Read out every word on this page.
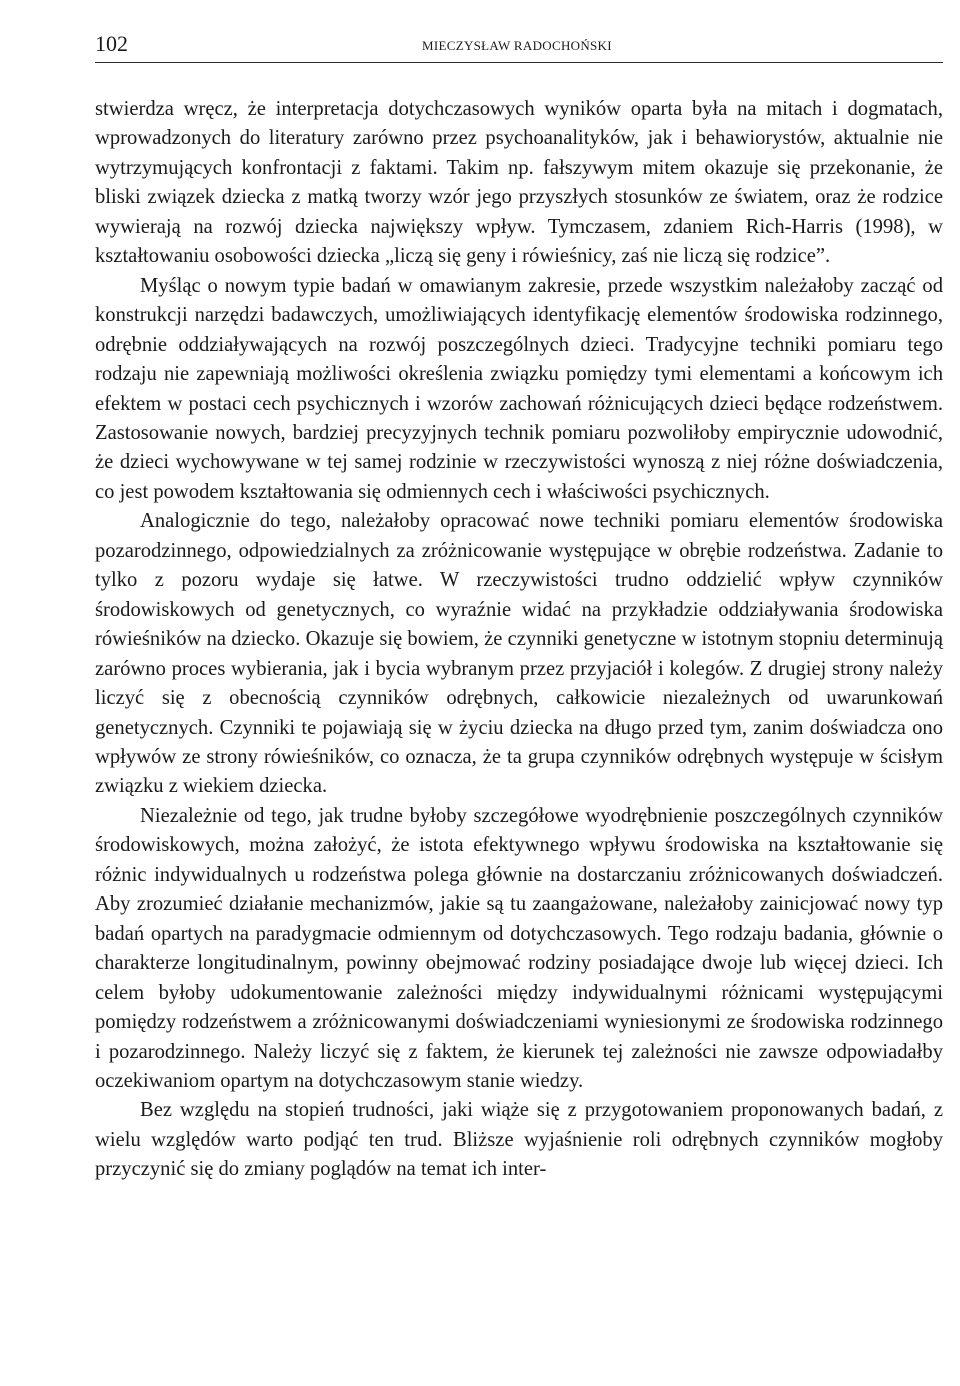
102	MIECZYSŁAW RADOCHOŃSKI

stwierdza wręcz, że interpretacja dotychczasowych wyników oparta była na mitach i dogmatach, wprowadzonych do literatury zarówno przez psychoanalityków, jak i behawiorystów, aktualnie nie wytrzymujących konfrontacji z faktami. Takim np. fałszywym mitem okazuje się przekonanie, że bliski związek dziecka z matką tworzy wzór jego przyszłych stosunków ze światem, oraz że rodzice wywierają na rozwój dziecka największy wpływ. Tymczasem, zdaniem Rich-Harris (1998), w kształtowaniu osobowości dziecka „liczą się geny i rówieśnicy, zaś nie liczą się rodzice”.

Myśląc o nowym typie badań w omawianym zakresie, przede wszystkim należałoby zacząć od konstrukcji narzędzi badawczych, umożliwiających identyfikację elementów środowiska rodzinnego, odrębnie oddziaływających na rozwój poszczególnych dzieci. Tradycyjne techniki pomiaru tego rodzaju nie zapewniają możliwości określenia związku pomiędzy tymi elementami a końcowym ich efektem w postaci cech psychicznych i wzorów zachowań różnicujących dzieci będące rodzeństwem. Zastosowanie nowych, bardziej precyzyjnych technik pomiaru pozwoliłoby empirycznie udowodnić, że dzieci wychowywane w tej samej rodzinie w rzeczywistości wynoszą z niej różne doświadczenia, co jest powodem kształtowania się odmiennych cech i właściwości psychicznych.

Analogicznie do tego, należałoby opracować nowe techniki pomiaru elementów środowiska pozarodzinnego, odpowiedzialnych za zróżnicowanie występujące w obrębie rodzeństwa. Zadanie to tylko z pozoru wydaje się łatwe. W rzeczywistości trudno oddzielić wpływ czynników środowiskowych od genetycznych, co wyraźnie widać na przykładzie oddziaływania środowiska rówieśników na dziecko. Okazuje się bowiem, że czynniki genetyczne w istotnym stopniu determinują zarówno proces wybierania, jak i bycia wybranym przez przyjaciół i kolegów. Z drugiej strony należy liczyć się z obecnością czynników odrębnych, całkowicie niezależnych od uwarunkowań genetycznych. Czynniki te pojawiają się w życiu dziecka na długo przed tym, zanim doświadcza ono wpływów ze strony rówieśników, co oznacza, że ta grupa czynników odrębnych występuje w ścisłym związku z wiekiem dziecka.

Niezależnie od tego, jak trudne byłoby szczegółowe wyodrębnienie poszczególnych czynników środowiskowych, można założyć, że istota efektywnego wpływu środowiska na kształtowanie się różnic indywidualnych u rodzeństwa polega głównie na dostarczaniu zróżnicowanych doświadczeń. Aby zrozumieć działanie mechanizmów, jakie są tu zaangażowane, należałoby zainicjować nowy typ badań opartych na paradygmacie odmiennym od dotychczasowych. Tego rodzaju badania, głównie o charakterze longitudinalnym, powinny obejmować rodziny posiadające dwoje lub więcej dzieci. Ich celem byłoby udokumentowanie zależności między indywidualnymi różnicami występującymi pomiędzy rodzeństwem a zróżnicowanymi doświadczeniami wyniesionymi ze środowiska rodzinnego i pozarodzinnego. Należy liczyć się z faktem, że kierunek tej zależności nie zawsze odpowiadałby oczekiwaniom opartym na dotychczasowym stanie wiedzy.

Bez względu na stopień trudności, jaki wiąże się z przygotowaniem proponowanych badań, z wielu względów warto podjąć ten trud. Bliższe wyjaśnienie roli odrębnych czynników mogłoby przyczynić się do zmiany poglądów na temat ich inter-
